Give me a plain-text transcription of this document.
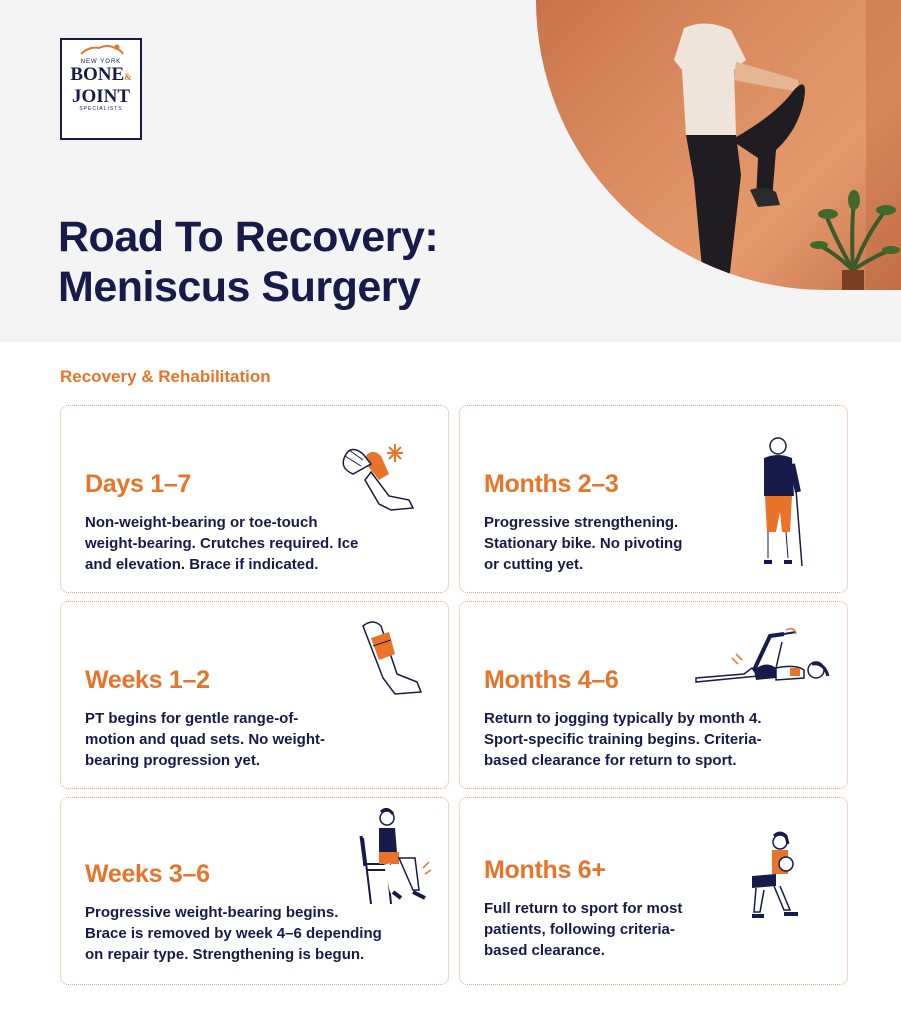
NEW YORK
BONE&
JOINT
SPECIALISTS
Road To Recovery:
Meniscus Surgery
Recovery & Rehabilitation
Days 1–7
Non-weight-bearing or toe-touch
weight-bearing. Crutches required. Ice
and elevation. Brace if indicated.
Months 2–3
Progressive strengthening.
Stationary bike. No pivoting
or cutting yet.
Weeks 1–2
PT begins for gentle range-of-
motion and quad sets. No weight-
bearing progression yet.
Months 4–6
Return to jogging typically by month 4.
Sport-specific training begins. Criteria-
based clearance for return to sport.
Weeks 3–6
Progressive weight-bearing begins.
Brace is removed by week 4–6 depending
on repair type. Strengthening is begun.
Months 6+
Full return to sport for most
patients, following criteria-
based clearance.
